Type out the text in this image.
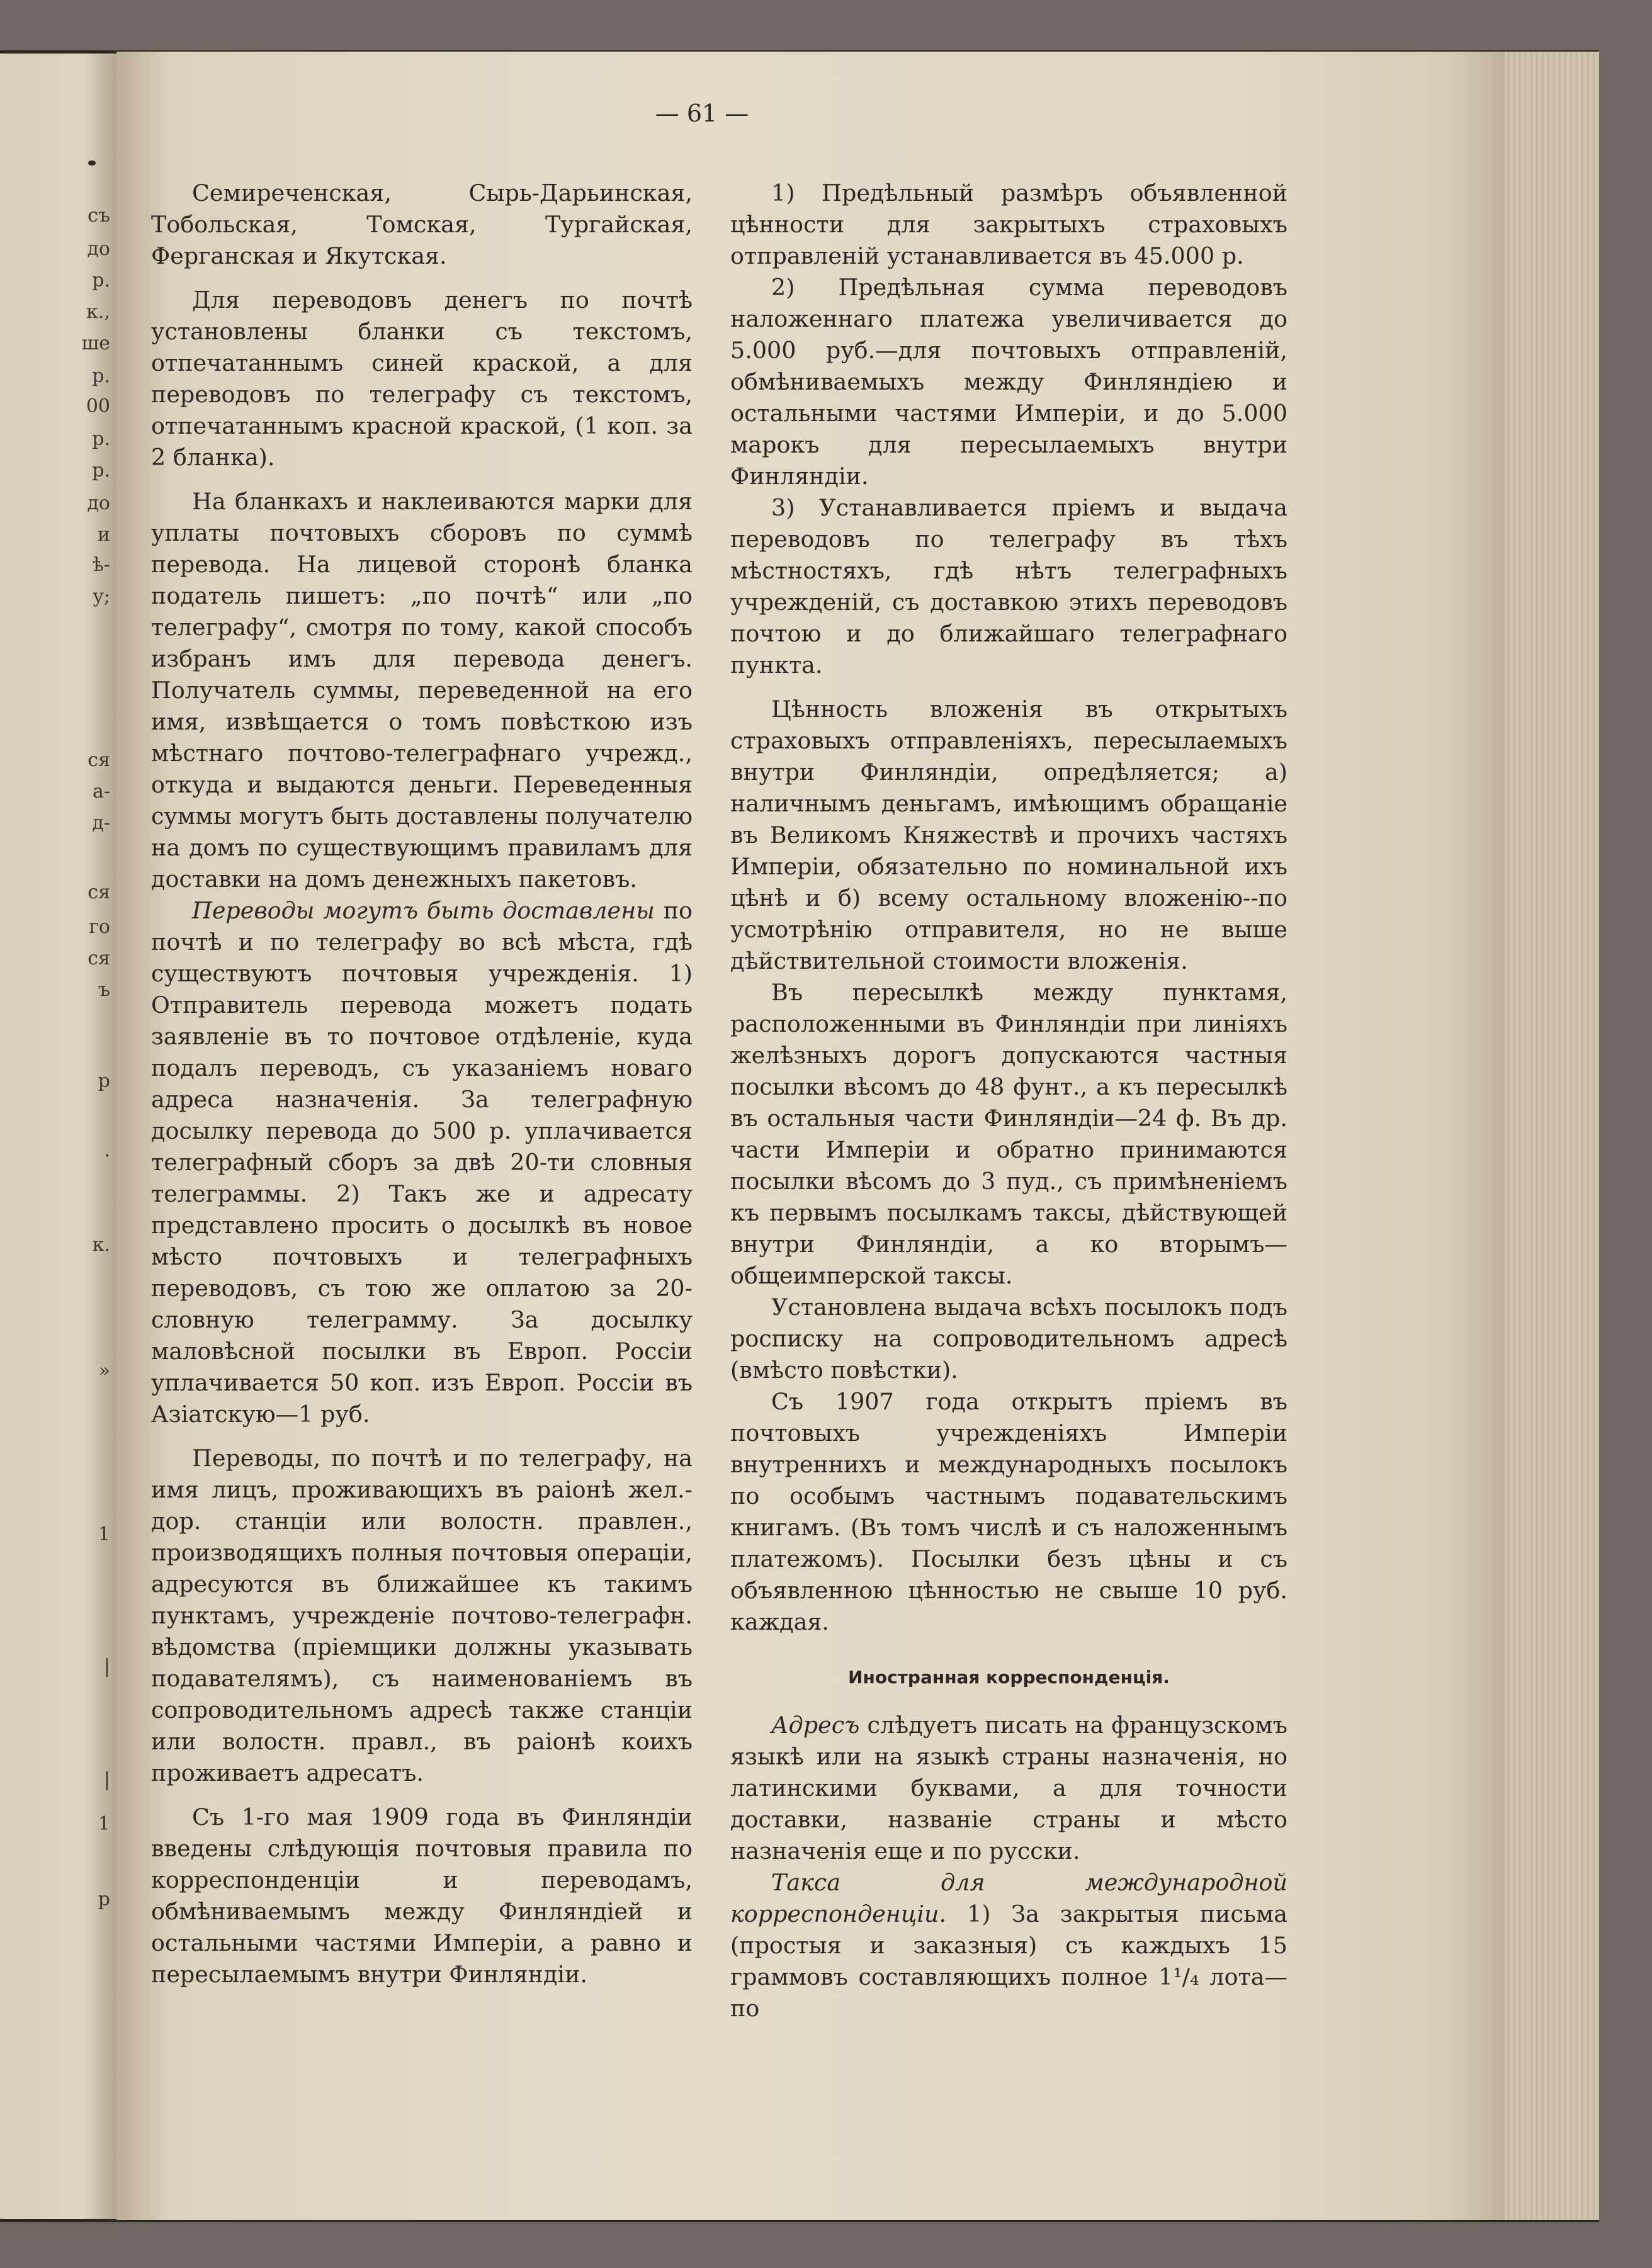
съ
до
р.
к.,
ше
р.
00
р.
р.
до
и
ѣ-
у;
ся
а-
д-
ся
го
ся
ъ
р
.
к.
»
1
|
|
1
р
— 61 —

Семиреченская, Сырь-Дарьинская, Тобольская, Томская, Тургайская, Ферганская и Якутская.

Для переводовъ денегъ по почтѣ установлены бланки съ текстомъ, отпечатаннымъ синей краской, а для переводовъ по телеграфу съ текстомъ, отпечатаннымъ красной краской, (1 коп. за 2 бланка).

На бланкахъ и наклеиваются марки для уплаты почтовыхъ сборовъ по суммѣ перевода. На лицевой сторонѣ бланка податель пишетъ: „по почтѣ“ или „по телеграфу“, смотря по тому, какой способъ избранъ имъ для перевода денегъ. Получатель суммы, переведенной на его имя, извѣщается о томъ повѣсткою изъ мѣстнаго почтово-телеграфнаго учрежд., откуда и выдаются деньги. Переведенныя суммы могутъ быть доставлены получателю на домъ по существующимъ правиламъ для доставки на домъ денежныхъ пакетовъ.

Переводы могутъ быть доставлены по почтѣ и по телеграфу во всѣ мѣста, гдѣ существуютъ почтовыя учрежденія. 1) Отправитель перевода можетъ подать заявленіе въ то почтовое отдѣленіе, куда подалъ переводъ, съ указаніемъ новаго адреса назначенія. За телеграфную досылку перевода до 500 р. уплачивается телеграфный сборъ за двѣ 20-ти словныя телеграммы. 2) Такъ же и адресату представлено просить о досылкѣ въ новое мѣсто почтовыхъ и телеграфныхъ переводовъ, съ тою же оплатою за 20-словную телеграмму. За досылку маловѣсной посылки въ Европ. Россіи уплачивается 50 коп. изъ Европ. Россіи въ Азіатскую—1 руб.

Переводы, по почтѣ и по телеграфу, на имя лицъ, проживающихъ въ раіонѣ жел.-дор. станціи или волостн. правлен., производящихъ полныя почтовыя операціи, адресуются въ ближайшее къ такимъ пунктамъ, учрежденіе почтово-телеграфн. вѣдомства (пріемщики должны указывать подавателямъ), съ наименованіемъ въ сопроводительномъ адресѣ также станціи или волостн. правл., въ раіонѣ коихъ проживаетъ адресатъ.

Съ 1-го мая 1909 года въ Финляндіи введены слѣдующія почтовыя правила по корреспонденціи и переводамъ, обмѣниваемымъ между Финляндіей и остальными частями Имперіи, а равно и пересылаемымъ внутри Финляндіи.

1) Предѣльный размѣръ объявленной цѣнности для закрытыхъ страховыхъ отправленій устанавливается въ 45.000 р.

2) Предѣльная сумма переводовъ наложеннаго платежа увеличивается до 5.000 руб.—для почтовыхъ отправленій, обмѣниваемыхъ между Финляндіею и остальными частями Имперіи, и до 5.000 марокъ для пересылаемыхъ внутри Финляндіи.

3) Устанавливается пріемъ и выдача переводовъ по телеграфу въ тѣхъ мѣстностяхъ, гдѣ нѣтъ телеграфныхъ учрежденій, съ доставкою этихъ переводовъ почтою и до ближайшаго телеграфнаго пункта.

Цѣнность вложенія въ открытыхъ страховыхъ отправленіяхъ, пересылаемыхъ внутри Финляндіи, опредѣляется; а) наличнымъ деньгамъ, имѣющимъ обращаніе въ Великомъ Княжествѣ и прочихъ частяхъ Имперіи, обязательно по номинальной ихъ цѣнѣ и б) всему остальному вложенію--по усмотрѣнію отправителя, но не выше дѣйствительной стоимости вложенія.

Въ пересылкѣ между пунктамя, расположенными въ Финляндіи при линіяхъ желѣзныхъ дорогъ допускаются частныя посылки вѣсомъ до 48 фунт., а къ пересылкѣ въ остальныя части Финляндіи—24 ф. Въ др. части Имперіи и обратно принимаются посылки вѣсомъ до 3 пуд., съ примѣненіемъ къ первымъ посылкамъ таксы, дѣйствующей внутри Финляндіи, а ко вторымъ—общеимперской таксы.

Установлена выдача всѣхъ посылокъ подъ росписку на сопроводительномъ адресѣ (вмѣсто повѣстки).

Съ 1907 года открытъ пріемъ въ почтовыхъ учрежденіяхъ Имперіи внутреннихъ и международныхъ посылокъ по особымъ частнымъ подавательскимъ книгамъ. (Въ томъ числѣ и съ наложеннымъ платежомъ). Посылки безъ цѣны и съ объявленною цѣнностью не свыше 10 руб. каждая.

Иностранная корреспонденція.

Адресъ слѣдуетъ писать на французскомъ языкѣ или на языкѣ страны назначенія, но латинскими буквами, а для точности доставки, названіе страны и мѣсто назначенія еще и по русски.

Такса для международной корреспонденціи. 1) За закрытыя письма (простыя и заказныя) съ каждыхъ 15 граммовъ составляющихъ полное 1¹/₄ лота—по
